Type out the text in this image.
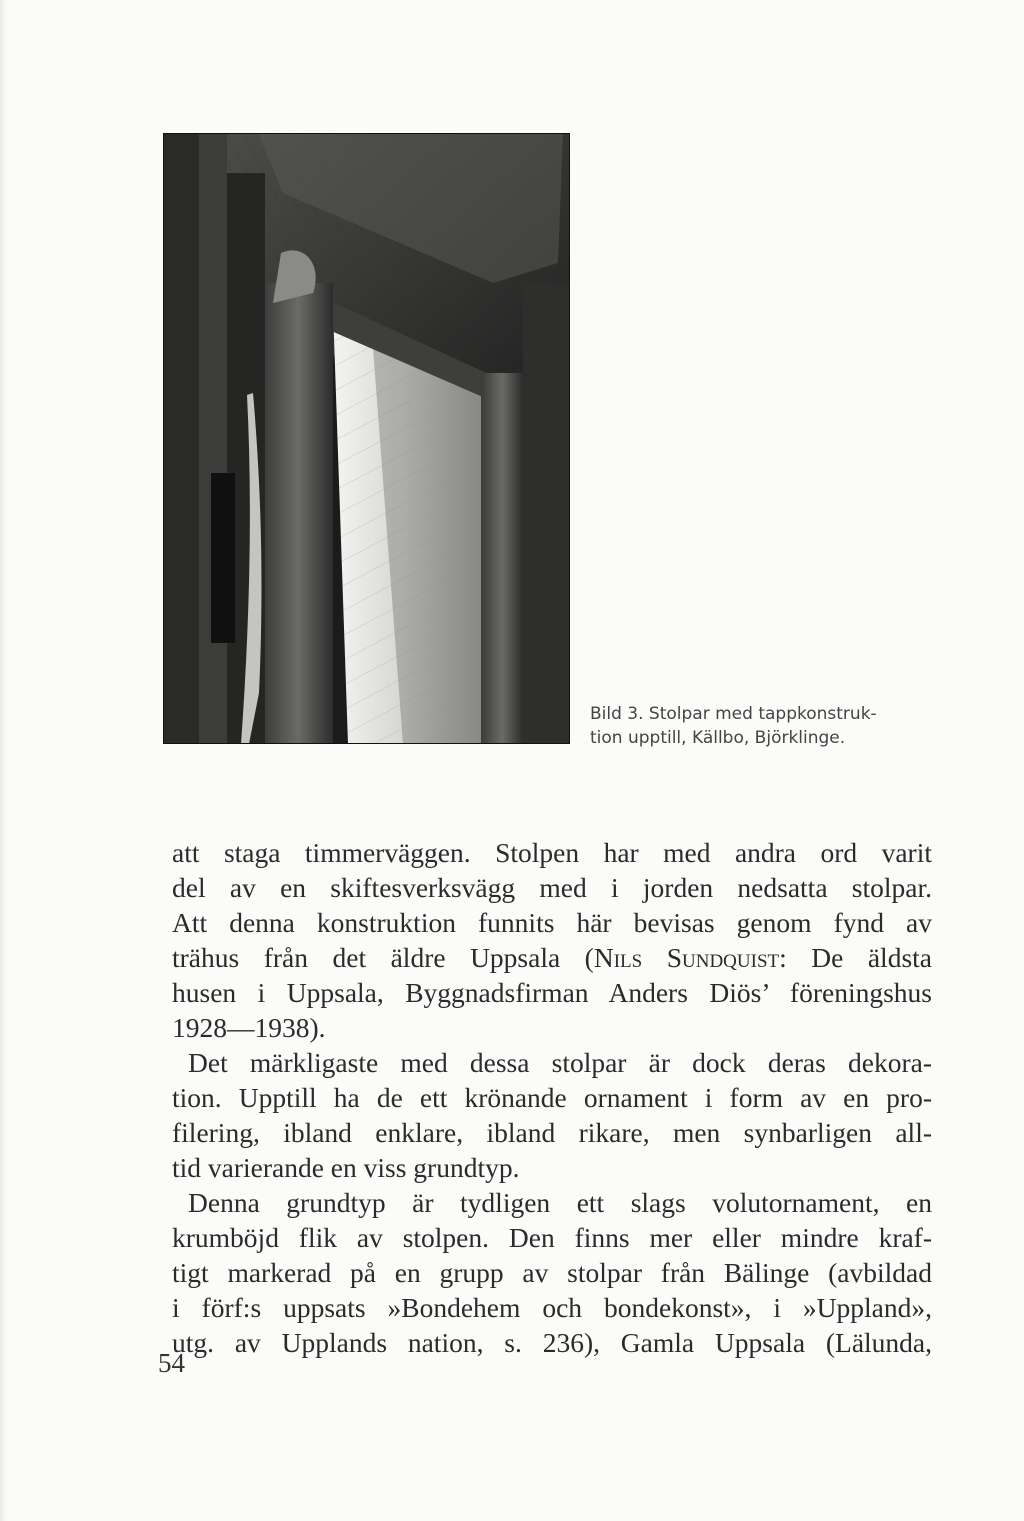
Bild 3. Stolpar med tappkonstruk-
tion upptill, Källbo, Björklinge.

att staga timmerväggen. Stolpen har med andra ord varit
del av en skiftesverksvägg med i jorden nedsatta stolpar.
Att denna konstruktion funnits här bevisas genom fynd av
trähus från det äldre Uppsala (Nils Sundquist: De äldsta
husen i Uppsala, Byggnadsfirman Anders Diös’ föreningshus
1928—1938).
Det märkligaste med dessa stolpar är dock deras dekora-
tion. Upptill ha de ett krönande ornament i form av en pro-
filering, ibland enklare, ibland rikare, men synbarligen all-
tid varierande en viss grundtyp.
Denna grundtyp är tydligen ett slags volutornament, en
krumböjd flik av stolpen. Den finns mer eller mindre kraf-
tigt markerad på en grupp av stolpar från Bälinge (avbildad
i förf:s uppsats »Bondehem och bondekonst», i »Uppland»,
utg. av Upplands nation, s. 236), Gamla Uppsala (Lälunda,

54
